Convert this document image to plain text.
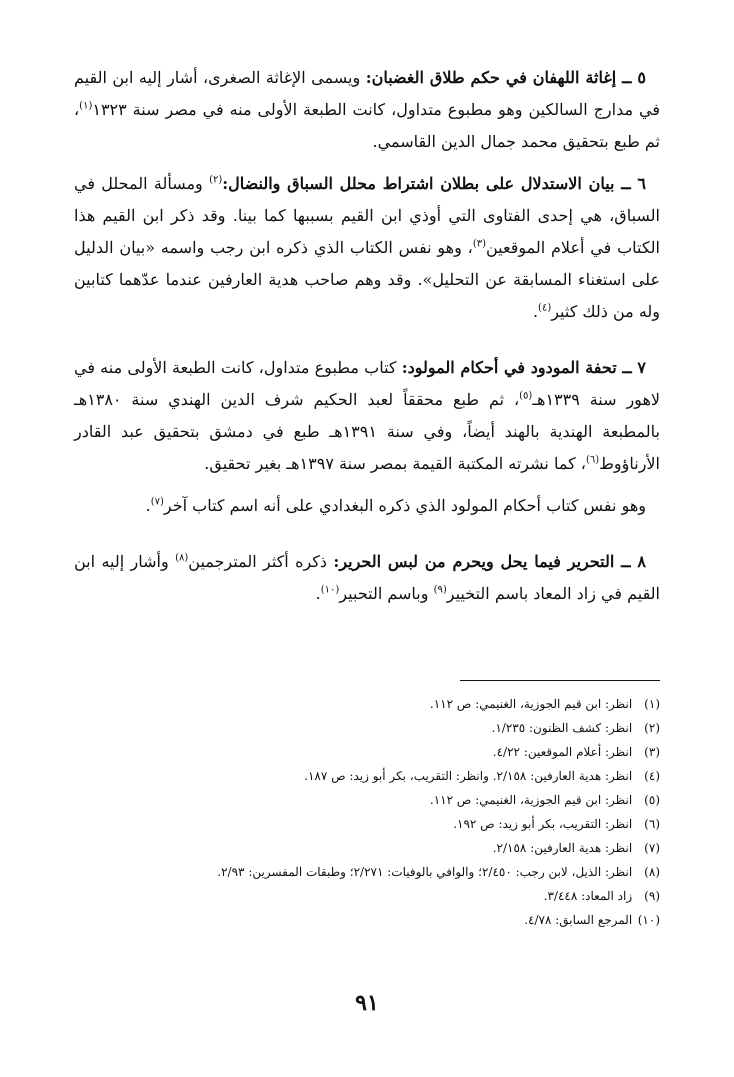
٥ ــ إغاثة اللهفان في حكم طلاق الغضبان: ويسمى الإغاثة الصغرى، أشار إليه ابن القيم في مدارج السالكين وهو مطبوع متداول، كانت الطبعة الأولى منه في مصر سنة ١٣٢٣$^{(١)}$، ثم طبع بتحقيق محمد جمال الدين القاسمي.

٦ ــ بيان الاستدلال على بطلان اشتراط محلل السباق والنضال:$^{(٢)}$ ومسألة المحلل في السباق، هي إحدى الفتاوى التي أوذي ابن القيم بسببها كما بينا. وقد ذكر ابن القيم هذا الكتاب في أعلام الموقعين$^{(٣)}$، وهو نفس الكتاب الذي ذكره ابن رجب واسمه «بيان الدليل على استغناء المسابقة عن التحليل». وقد وهم صاحب هدية العارفين عندما عدّهما كتابين وله من ذلك كثير$^{(٤)}$.

٧ ــ تحفة المودود في أحكام المولود: كتاب مطبوع متداول، كانت الطبعة الأولى منه في لاهور سنة ١٣٣٩هـ$^{(٥)}$، ثم طبع محققاً لعبد الحكيم شرف الدين الهندي سنة ١٣٨٠هـ بالمطبعة الهندية بالهند أيضاً، وفي سنة ١٣٩١هـ طبع في دمشق بتحقيق عبد القادر الأرناؤوط$^{(٦)}$، كما نشرته المكتبة القيمة بمصر سنة ١٣٩٧هـ بغير تحقيق.

وهو نفس كتاب أحكام المولود الذي ذكره البغدادي على أنه اسم كتاب آخر$^{(٧)}$.

٨ ــ التحرير فيما يحل ويحرم من لبس الحرير: ذكره أكثر المترجمين$^{(٨)}$ وأشار إليه ابن القيم في زاد المعاد باسم التخيير$^{(٩)}$ وباسم التحبير$^{(١٠)}$.

(١) انظر: ابن قيم الجوزية، الغنيمي: ص ١١٢.
(٢) انظر: كشف الظنون: ١/٢٣٥.
(٣) انظر: أعلام الموقعين: ٤/٢٢.
(٤) انظر: هدية العارفين: ٢/١٥٨. وانظر: التقريب، بكر أبو زيد: ص ١٨٧.
(٥) انظر: ابن قيم الجوزية، الغنيمي: ص ١١٢.
(٦) انظر: التقريب، بكر أبو زيد: ص ١٩٢.
(٧) انظر: هدية العارفين: ٢/١٥٨.
(٨) انظر: الذيل، لابن رجب: ٢/٤٥٠؛ والوافي بالوفيات: ٢/٢٧١؛ وطبقات المفسرين: ٢/٩٣.
(٩) زاد المعاد: ٣/٤٤٨.
(١٠) المرجع السابق: ٤/٧٨.
٩١
